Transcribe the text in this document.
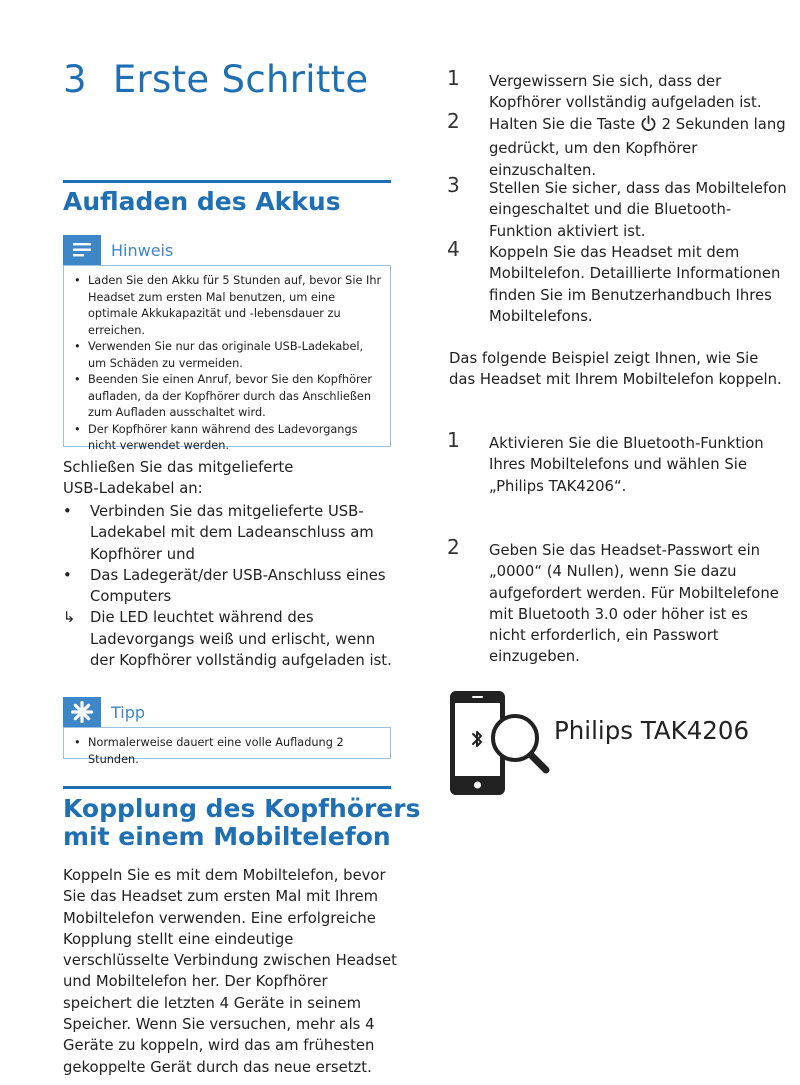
3 Erste Schritte
Aufladen des Akkus
Hinweis
• Laden Sie den Akku für 5 Stunden auf, bevor Sie Ihr Headset zum ersten Mal benutzen, um eine optimale Akkukapazität und -lebensdauer zu erreichen.
• Verwenden Sie nur das originale USB-Ladekabel, um Schäden zu vermeiden.
• Beenden Sie einen Anruf, bevor Sie den Kopfhörer aufladen, da der Kopfhörer durch das Anschließen zum Aufladen ausschaltet wird.
• Der Kopfhörer kann während des Ladevorgangs nicht verwendet werden.

Schließen Sie das mitgelieferte USB-Ladekabel an:

•	Verbinden Sie das mitgelieferte USB-Ladekabel mit dem Ladeanschluss am Kopfhörer und
•	Das Ladegerät/der USB-Anschluss eines Computers
↳ Die LED leuchtet während des Ladevorgangs weiß und erlischt, wenn der Kopfhörer vollständig aufgeladen ist.
Tipp
• Normalerweise dauert eine volle Aufladung 2 Stunden.
Kopplung des Kopfhörers
mit einem Mobiltelefon

Koppeln Sie es mit dem Mobiltelefon, bevor Sie das Headset zum ersten Mal mit Ihrem Mobiltelefon verwenden. Eine erfolgreiche Kopplung stellt eine eindeutige verschlüsselte Verbindung zwischen Headset und Mobiltelefon her. Der Kopfhörer speichert die letzten 4 Geräte in seinem Speicher. Wenn Sie versuchen, mehr als 4 Geräte zu koppeln, wird das am frühesten gekoppelte Gerät durch das neue ersetzt.

1 Vergewissern Sie sich, dass der Kopfhörer vollständig aufgeladen ist.
2 Halten Sie die Taste 2 Sekunden lang gedrückt, um den Kopfhörer einzuschalten.
3 Stellen Sie sicher, dass das Mobiltelefon eingeschaltet und die Bluetooth-Funktion aktiviert ist.
4 Koppeln Sie das Headset mit dem Mobiltelefon. Detaillierte Informationen finden Sie im Benutzerhandbuch Ihres Mobiltelefons.

Das folgende Beispiel zeigt Ihnen, wie Sie das Headset mit Ihrem Mobiltelefon koppeln.

1 Aktivieren Sie die Bluetooth-Funktion Ihres Mobiltelefons und wählen Sie „Philips TAK4206“.
2 Geben Sie das Headset-Passwort ein „0000“ (4 Nullen), wenn Sie dazu aufgefordert werden. Für Mobiltelefone mit Bluetooth 3.0 oder höher ist es nicht erforderlich, ein Passwort einzugeben.
Philips TAK4206
